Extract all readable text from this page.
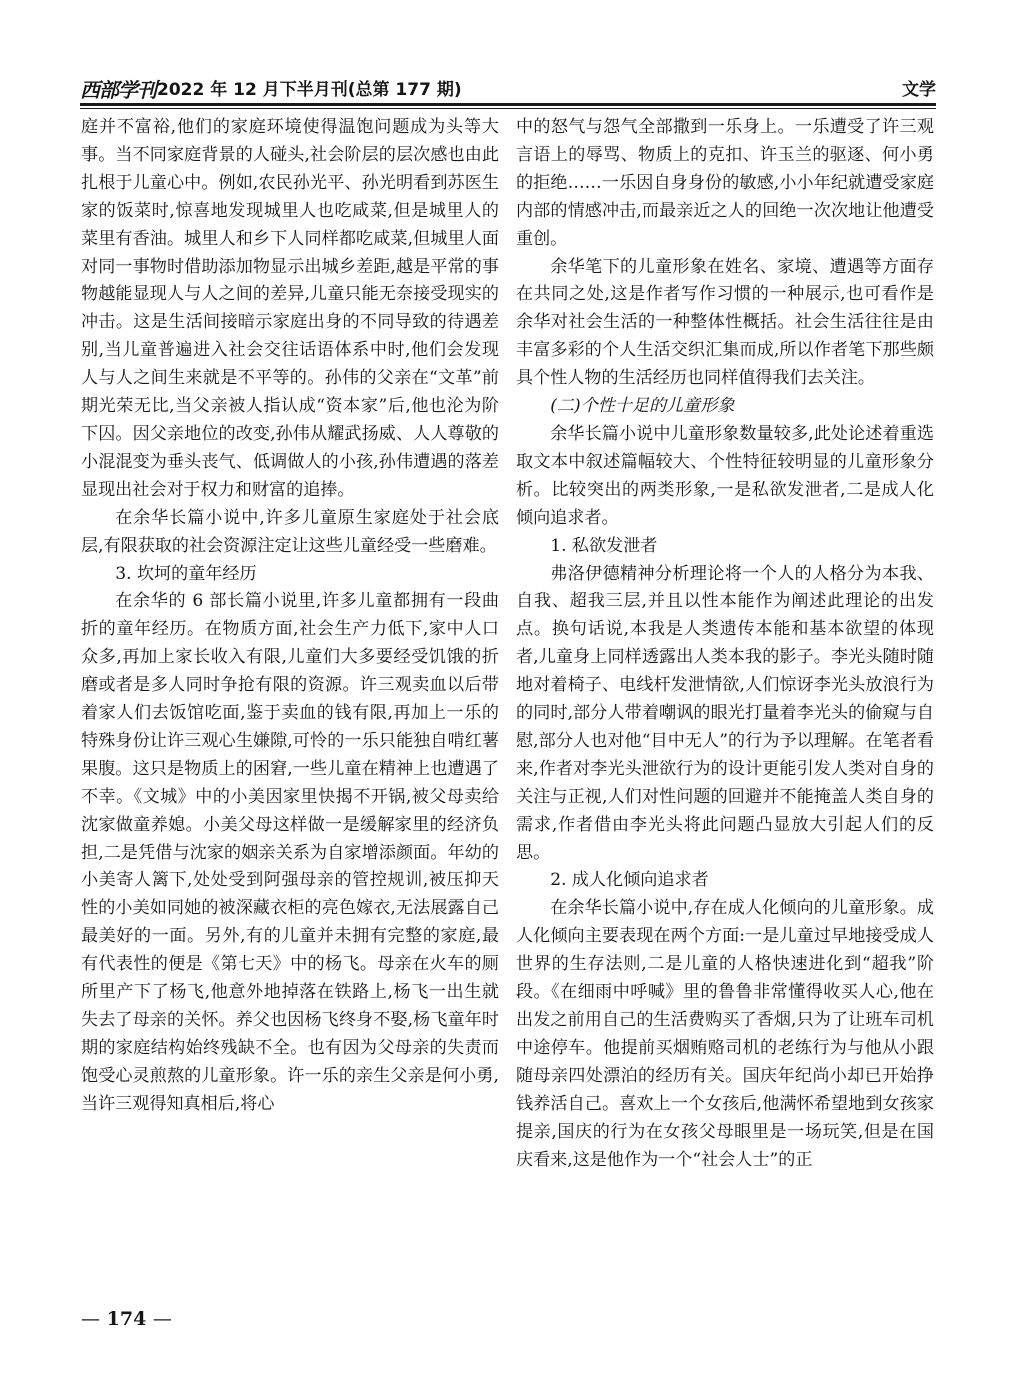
西部学刊 2022 年 12 月下半月刊(总第 177 期)	文学

庭并不富裕,他们的家庭环境使得温饱问题成为头等大事。当不同家庭背景的人碰头,社会阶层的层次感也由此扎根于儿童心中。例如,农民孙光平、孙光明看到苏医生家的饭菜时,惊喜地发现城里人也吃咸菜,但是城里人的菜里有香油。城里人和乡下人同样都吃咸菜,但城里人面对同一事物时借助添加物显示出城乡差距,越是平常的事物越能显现人与人之间的差异,儿童只能无奈接受现实的冲击。这是生活间接暗示家庭出身的不同导致的待遇差别,当儿童普遍进入社会交往话语体系中时,他们会发现人与人之间生来就是不平等的。孙伟的父亲在“文革”前期光荣无比,当父亲被人指认成“资本家”后,他也沦为阶下囚。因父亲地位的改变,孙伟从耀武扬威、人人尊敬的小混混变为垂头丧气、低调做人的小孩,孙伟遭遇的落差显现出社会对于权力和财富的追捧。

在余华长篇小说中,许多儿童原生家庭处于社会底层,有限获取的社会资源注定让这些儿童经受一些磨难。

3. 坎坷的童年经历

在余华的 6 部长篇小说里,许多儿童都拥有一段曲折的童年经历。在物质方面,社会生产力低下,家中人口众多,再加上家长收入有限,儿童们大多要经受饥饿的折磨或者是多人同时争抢有限的资源。许三观卖血以后带着家人们去饭馆吃面,鉴于卖血的钱有限,再加上一乐的特殊身份让许三观心生嫌隙,可怜的一乐只能独自啃红薯果腹。这只是物质上的困窘,一些儿童在精神上也遭遇了不幸。《文城》中的小美因家里快揭不开锅,被父母卖给沈家做童养媳。小美父母这样做一是缓解家里的经济负担,二是凭借与沈家的姻亲关系为自家增添颜面。年幼的小美寄人篱下,处处受到阿强母亲的管控规训,被压抑天性的小美如同她的被深藏衣柜的亮色嫁衣,无法展露自己最美好的一面。另外,有的儿童并未拥有完整的家庭,最有代表性的便是《第七天》中的杨飞。母亲在火车的厕所里产下了杨飞,他意外地掉落在铁路上,杨飞一出生就失去了母亲的关怀。养父也因杨飞终身不娶,杨飞童年时期的家庭结构始终残缺不全。也有因为父母亲的失责而饱受心灵煎熬的儿童形象。许一乐的亲生父亲是何小勇,当许三观得知真相后,将心

中的怒气与怨气全部撒到一乐身上。一乐遭受了许三观言语上的辱骂、物质上的克扣、许玉兰的驱逐、何小勇的拒绝……一乐因自身身份的敏感,小小年纪就遭受家庭内部的情感冲击,而最亲近之人的回绝一次次地让他遭受重创。

余华笔下的儿童形象在姓名、家境、遭遇等方面存在共同之处,这是作者写作习惯的一种展示,也可看作是余华对社会生活的一种整体性概括。社会生活往往是由丰富多彩的个人生活交织汇集而成,所以作者笔下那些颇具个性人物的生活经历也同样值得我们去关注。

(二)个性十足的儿童形象

余华长篇小说中儿童形象数量较多,此处论述着重选取文本中叙述篇幅较大、个性特征较明显的儿童形象分析。比较突出的两类形象,一是私欲发泄者,二是成人化倾向追求者。

1. 私欲发泄者

弗洛伊德精神分析理论将一个人的人格分为本我、自我、超我三层,并且以性本能作为阐述此理论的出发点。换句话说,本我是人类遗传本能和基本欲望的体现者,儿童身上同样透露出人类本我的影子。李光头随时随地对着椅子、电线杆发泄情欲,人们惊讶李光头放浪行为的同时,部分人带着嘲讽的眼光打量着李光头的偷窥与自慰,部分人也对他“目中无人”的行为予以理解。在笔者看来,作者对李光头泄欲行为的设计更能引发人类对自身的关注与正视,人们对性问题的回避并不能掩盖人类自身的需求,作者借由李光头将此问题凸显放大引起人们的反思。

2. 成人化倾向追求者

在余华长篇小说中,存在成人化倾向的儿童形象。成人化倾向主要表现在两个方面:一是儿童过早地接受成人世界的生存法则,二是儿童的人格快速进化到“超我”阶段。《在细雨中呼喊》里的鲁鲁非常懂得收买人心,他在出发之前用自己的生活费购买了香烟,只为了让班车司机中途停车。他提前买烟贿赂司机的老练行为与他从小跟随母亲四处漂泊的经历有关。国庆年纪尚小却已开始挣钱养活自己。喜欢上一个女孩后,他满怀希望地到女孩家提亲,国庆的行为在女孩父母眼里是一场玩笑,但是在国庆看来,这是他作为一个“社会人士”的正

— 174 —
